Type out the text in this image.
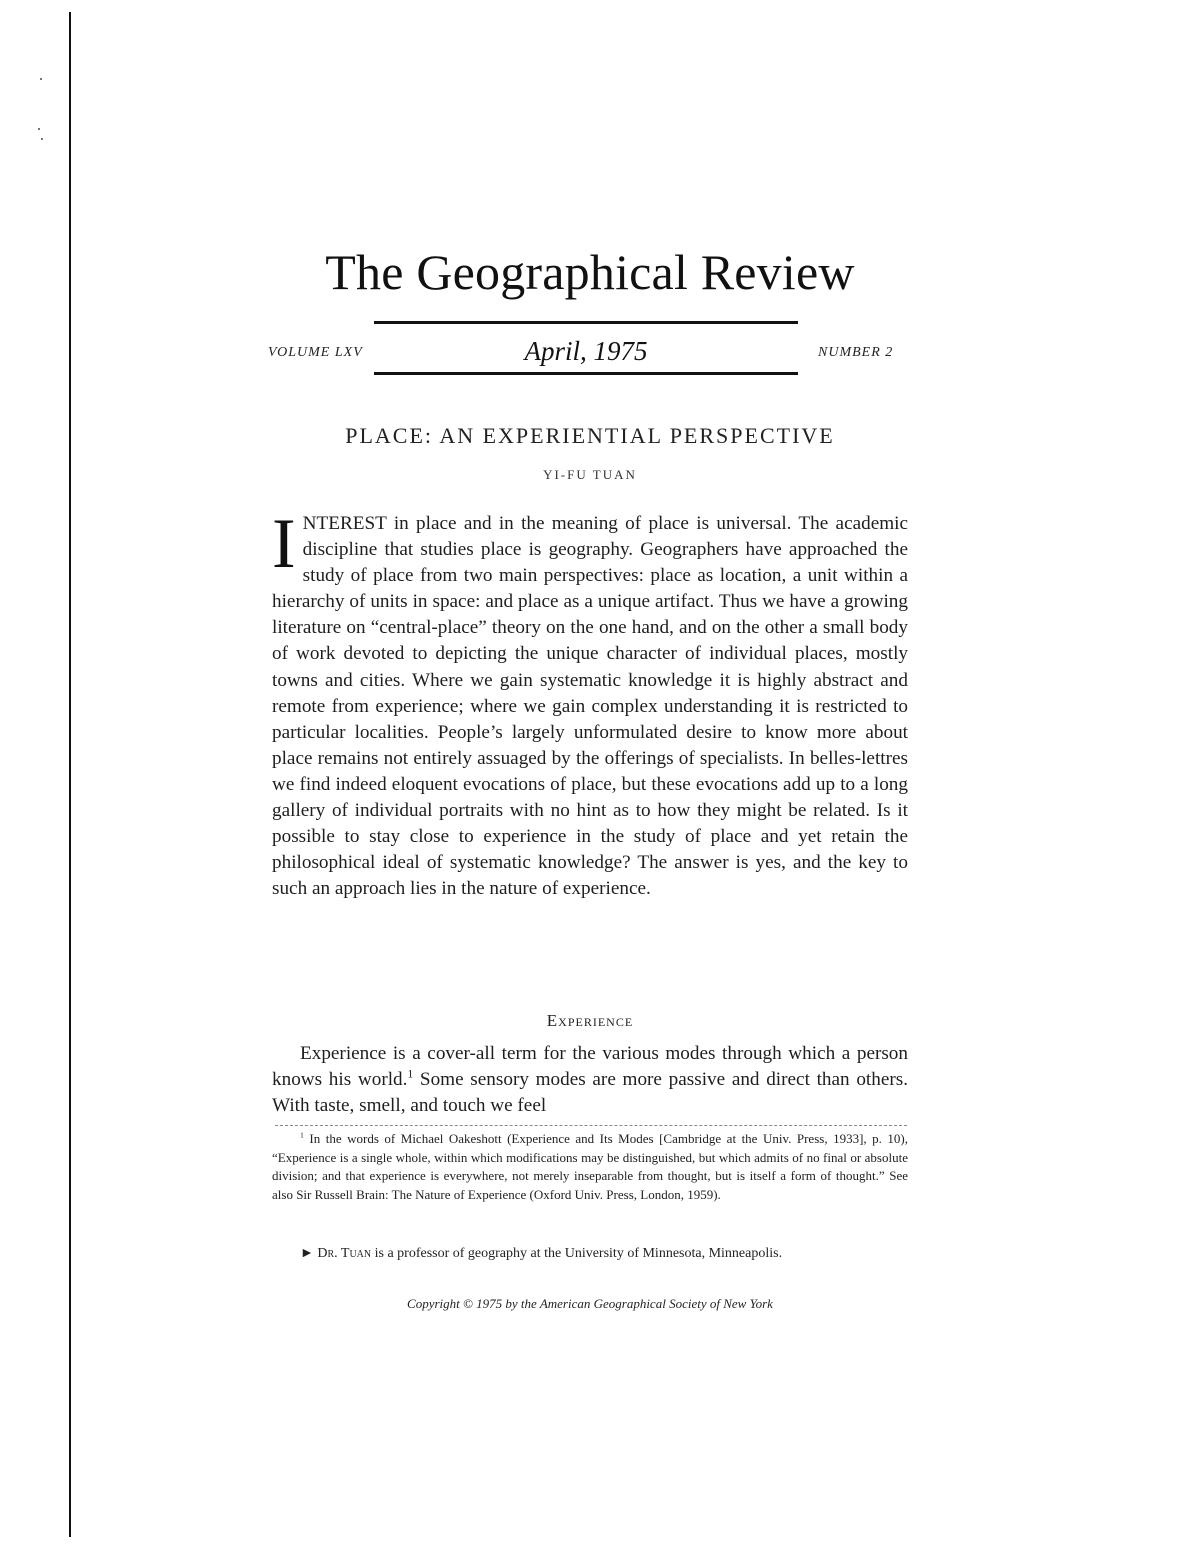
The Geographical Review
VOLUME LXV	April, 1975	NUMBER 2
PLACE: AN EXPERIENTIAL PERSPECTIVE
YI-FU TUAN
INTEREST in place and in the meaning of place is universal. The academic discipline that studies place is geography. Geographers have approached the study of place from two main perspectives: place as location, a unit within a hierarchy of units in space: and place as a unique artifact. Thus we have a growing literature on “central-place” theory on the one hand, and on the other a small body of work devoted to depicting the unique character of individual places, mostly towns and cities. Where we gain systematic knowledge it is highly abstract and remote from experience; where we gain complex understanding it is restricted to particular localities. People’s largely unformulated desire to know more about place remains not entirely assuaged by the offerings of specialists. In belles-lettres we find indeed eloquent evocations of place, but these evocations add up to a long gallery of individual portraits with no hint as to how they might be related. Is it possible to stay close to experience in the study of place and yet retain the philosophical ideal of systematic knowledge? The answer is yes, and the key to such an approach lies in the nature of experience.
Experience
Experience is a cover-all term for the various modes through which a person knows his world.$^1$ Some sensory modes are more passive and direct than others. With taste, smell, and touch we feel
$^1$ In the words of Michael Oakeshott (Experience and Its Modes [Cambridge at the Univ. Press, 1933], p. 10), “Experience is a single whole, within which modifications may be distinguished, but which admits of no final or absolute division; and that experience is everywhere, not merely inseparable from thought, but is itself a form of thought.” See also Sir Russell Brain: The Nature of Experience (Oxford Univ. Press, London, 1959).
► Dr. Tuan is a professor of geography at the University of Minnesota, Minneapolis.
Copyright © 1975 by the American Geographical Society of New York
